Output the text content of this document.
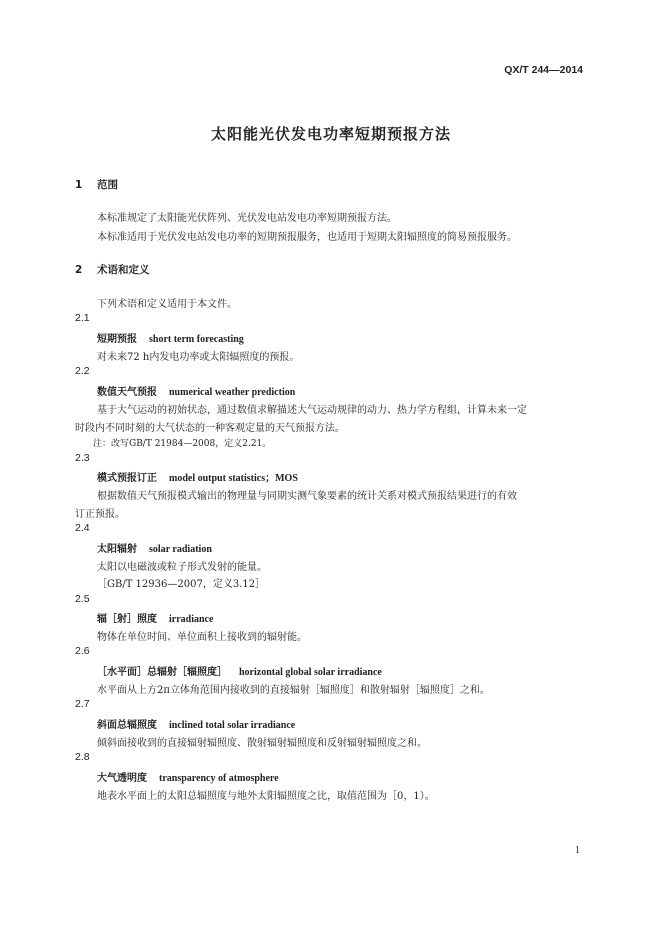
QX/T 244—2014
太阳能光伏发电功率短期预报方法
1 范围
本标准规定了太阳能光伏阵列、光伏发电站发电功率短期预报方法。
本标准适用于光伏发电站发电功率的短期预报服务，也适用于短期太阳辐照度的简易预报服务。
2 术语和定义
下列术语和定义适用于本文件。
2.1
短期预报 short term forecasting
对未来72 h内发电功率或太阳辐照度的预报。
2.2
数值天气预报 numerical weather prediction
基于大气运动的初始状态，通过数值求解描述大气运动规律的动力、热力学方程组，计算未来一定
时段内不同时刻的大气状态的一种客观定量的天气预报方法。
注：改写GB/T 21984—2008，定义2.21。
2.3
模式预报订正 model output statistics；MOS
根据数值天气预报模式输出的物理量与同期实测气象要素的统计关系对模式预报结果进行的有效
订正预报。
2.4
太阳辐射 solar radiation
太阳以电磁波或粒子形式发射的能量。
［GB/T 12936—2007，定义3.12］
2.5
辐［射］照度 irradiance
物体在单位时间、单位面积上接收到的辐射能。
2.6
［水平面］总辐射［辐照度］ horizontal global solar irradiance
水平面从上方2π立体角范围内接收到的直接辐射［辐照度］和散射辐射［辐照度］之和。
2.7
斜面总辐照度 inclined total solar irradiance
倾斜面接收到的直接辐射辐照度、散射辐射辐照度和反射辐射辐照度之和。
2.8
大气透明度 transparency of atmosphere
地表水平面上的太阳总辐照度与地外太阳辐照度之比，取值范围为［0，1）。
1
